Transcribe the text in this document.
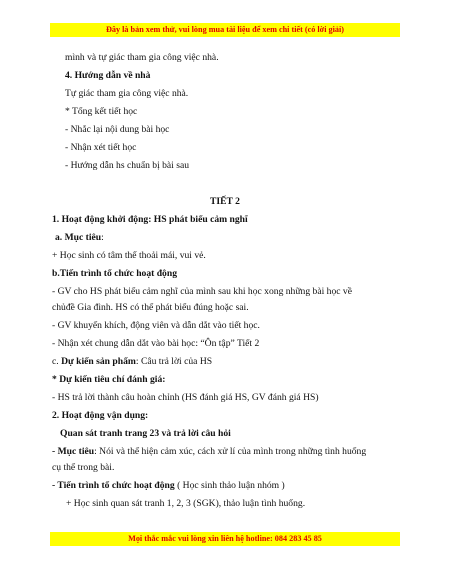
Đây là bản xem thử, vui lòng mua tài liệu để xem chi tiết (có lời giải)
mình và tự giác tham gia công việc nhà.
4. Hướng dẫn về nhà
Tự giác tham gia công việc nhà.
* Tổng kết tiết học
- Nhắc lại nội dung bài học
- Nhận xét tiết học
- Hướng dẫn hs chuẩn bị bài sau
TIẾT 2
1. Hoạt động khởi động: HS phát biểu cảm nghĩ
a. Mục tiêu:
+ Học sinh có tâm thế thoải mái, vui vẻ.
b.Tiến trình tổ chức hoạt động
- GV cho HS phát biểu cảm nghĩ của mình sau khi học xong những bài học về
chủđề Gia đình. HS có thể phát biểu đúng hoặc sai.
- GV khuyến khích, động viên và dẫn dắt vào tiết học.
- Nhận xét chung dẫn dắt vào bài học: “Ôn tập” Tiết 2
c. Dự kiến sản phẩm: Câu trả lời của HS
* Dự kiến tiêu chí đánh giá:
- HS trả lời thành câu hoàn chỉnh (HS đánh giá HS, GV đánh giá HS)
2. Hoạt động vận dụng:
Quan sát tranh trang 23 và trả lời câu hỏi
- Mục tiêu: Nói và thể hiện cảm xúc, cách xử lí của mình trong những tình huống
cụ thể trong bài.
- Tiến trình tổ chức hoạt động ( Học sinh thảo luận nhóm )
+ Học sinh quan sát tranh 1, 2, 3 (SGK), thảo luận tình huống.
Mọi thắc mắc vui lòng xin liên hệ hotline: 084 283 45 85
